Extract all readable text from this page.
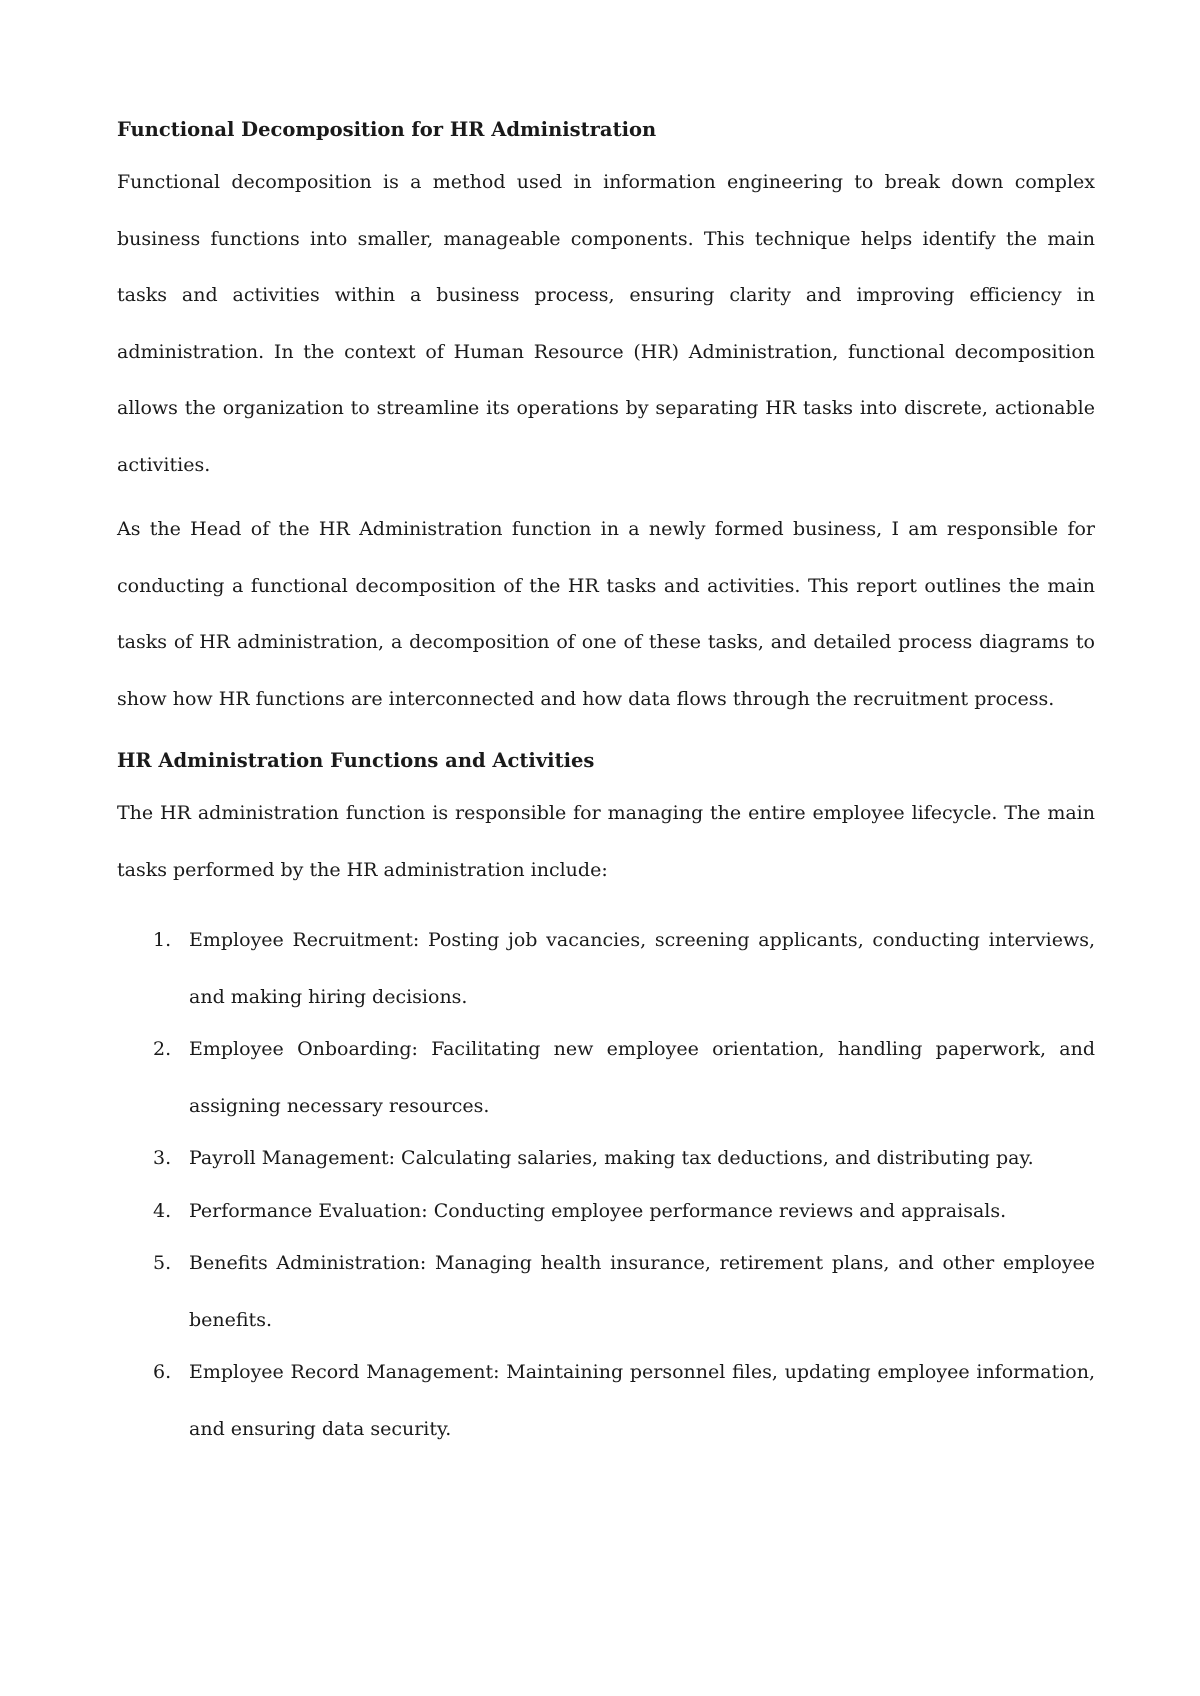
Functional Decomposition for HR Administration

Functional decomposition is a method used in information engineering to break down complex business functions into smaller, manageable components. This technique helps identify the main tasks and activities within a business process, ensuring clarity and improving efficiency in administration. In the context of Human Resource (HR) Administration, functional decomposition allows the organization to streamline its operations by separating HR tasks into discrete, actionable activities.

As the Head of the HR Administration function in a newly formed business, I am responsible for conducting a functional decomposition of the HR tasks and activities. This report outlines the main tasks of HR administration, a decomposition of one of these tasks, and detailed process diagrams to show how HR functions are interconnected and how data flows through the recruitment process.

HR Administration Functions and Activities

The HR administration function is responsible for managing the entire employee lifecycle. The main tasks performed by the HR administration include:

1. Employee Recruitment: Posting job vacancies, screening applicants, conducting interviews, and making hiring decisions.
2. Employee Onboarding: Facilitating new employee orientation, handling paperwork, and assigning necessary resources.
3. Payroll Management: Calculating salaries, making tax deductions, and distributing pay.
4. Performance Evaluation: Conducting employee performance reviews and appraisals.
5. Benefits Administration: Managing health insurance, retirement plans, and other employee benefits.
6. Employee Record Management: Maintaining personnel files, updating employee information, and ensuring data security.
